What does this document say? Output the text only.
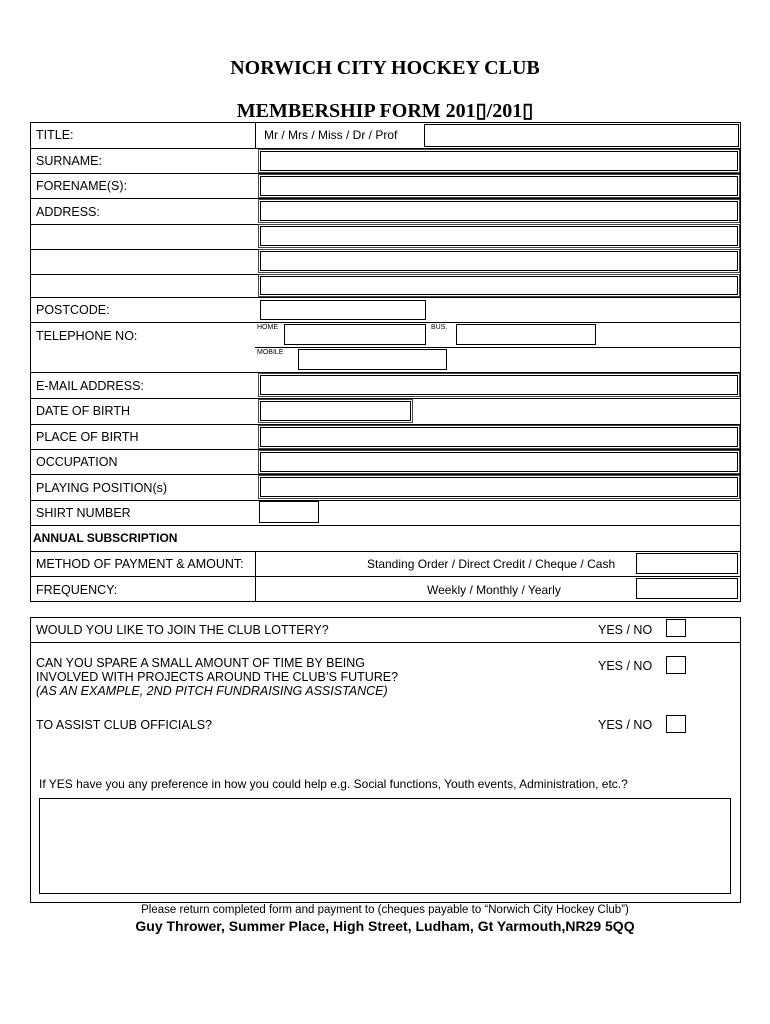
NORWICH CITY HOCKEY CLUB
MEMBERSHIP FORM 201▯/201▯
TITLE:	Mr / Mrs / Miss / Dr / Prof
SURNAME:
FORENAME(S):
ADDRESS:
POSTCODE:
TELEPHONE NO:
HOME	BUS.
MOBILE
E-MAIL ADDRESS:
DATE OF BIRTH
PLACE OF BIRTH
OCCUPATION
PLAYING POSITION(s)
SHIRT NUMBER
ANNUAL SUBSCRIPTION
METHOD OF PAYMENT & AMOUNT:	Standing Order / Direct Credit / Cheque / Cash
FREQUENCY:	Weekly / Monthly / Yearly
WOULD YOU LIKE TO JOIN THE CLUB LOTTERY?	YES / NO
CAN YOU SPARE A SMALL AMOUNT OF TIME BY BEING
INVOLVED WITH PROJECTS AROUND THE CLUB’S FUTURE?
(AS AN EXAMPLE, 2ND PITCH FUNDRAISING ASSISTANCE)
YES / NO
TO ASSIST CLUB OFFICIALS?	YES / NO
If YES have you any preference in how you could help e.g. Social functions, Youth events, Administration, etc.?
Please return completed form and payment to (cheques payable to “Norwich City Hockey Club”)
Guy Thrower, Summer Place, High Street, Ludham, Gt Yarmouth,NR29 5QQ
